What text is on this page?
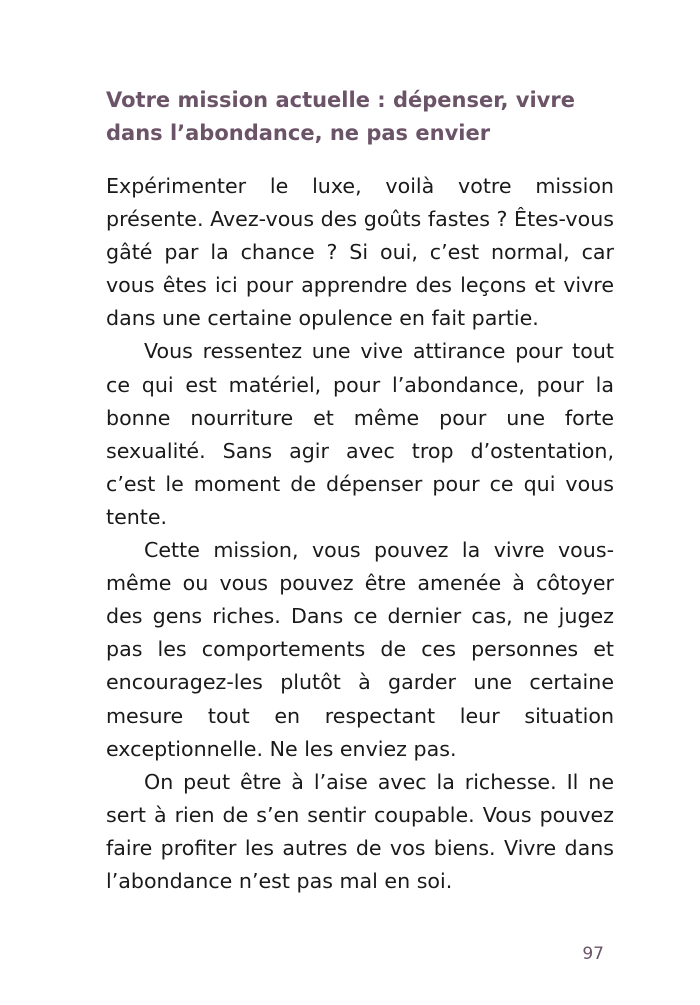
Votre mission actuelle : dépenser, vivre dans l’abondance, ne pas envier

Expérimenter le luxe, voilà votre mission présente. Avez-vous des goûts fastes ? Êtes-vous gâté par la chance ? Si oui, c’est normal, car vous êtes ici pour apprendre des leçons et vivre dans une certaine opulence en fait partie.

Vous ressentez une vive attirance pour tout ce qui est matériel, pour l’abondance, pour la bonne nourriture et même pour une forte sexualité. Sans agir avec trop d’ostentation, c’est le moment de dépenser pour ce qui vous tente.

Cette mission, vous pouvez la vivre vous-même ou vous pouvez être amenée à côtoyer des gens riches. Dans ce dernier cas, ne jugez pas les comportements de ces personnes et encouragez-les plutôt à garder une certaine mesure tout en respectant leur situation exceptionnelle. Ne les enviez pas.

On peut être à l’aise avec la richesse. Il ne sert à rien de s’en sentir coupable. Vous pouvez faire profiter les autres de vos biens. Vivre dans l’abondance n’est pas mal en soi.

97
